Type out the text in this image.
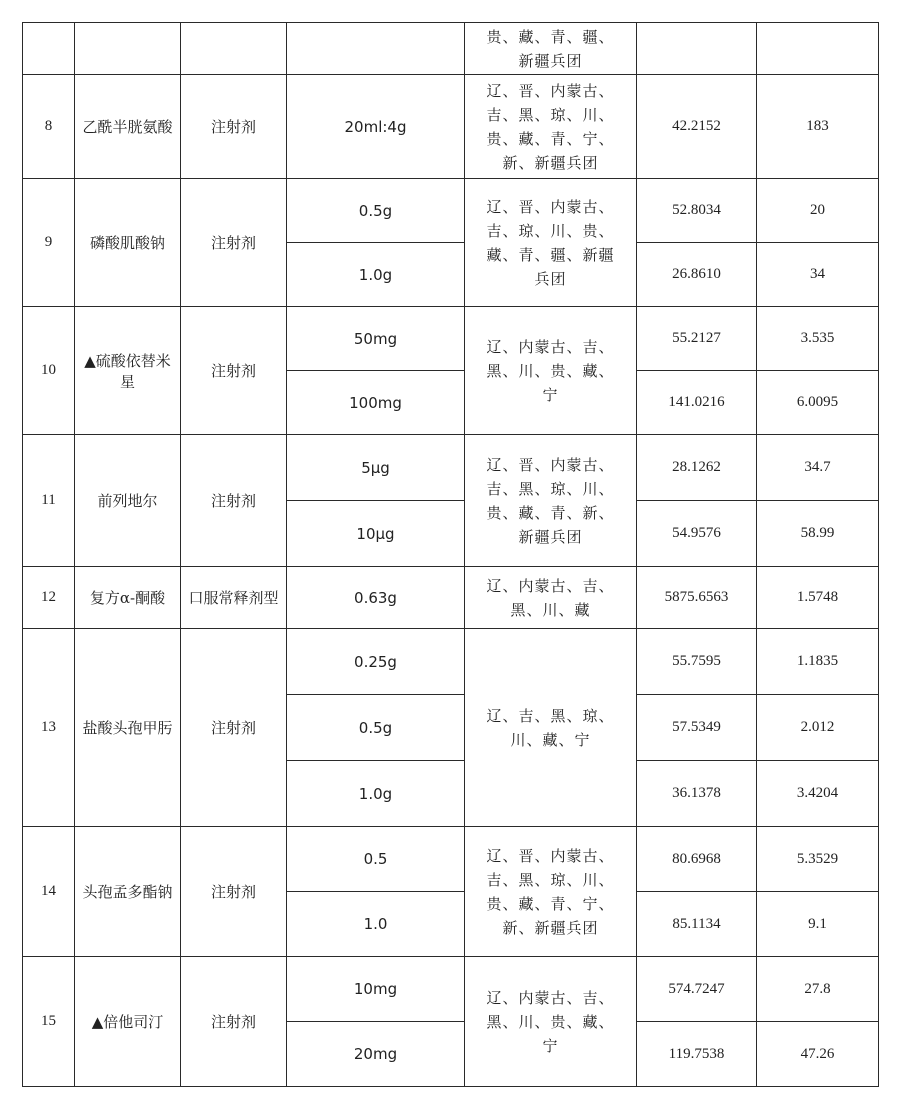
				贵、藏、青、疆、
新疆兵团		

8	乙酰半胱氨酸	注射剂	20ml:4g	辽、晋、内蒙古、
吉、黑、琼、川、
贵、藏、青、宁、
新、新疆兵团	42.2152	183
9	磷酸肌酸钠	注射剂	0.5g	辽、晋、内蒙古、
吉、琼、川、贵、
藏、青、疆、新疆
兵团	52.8034	20
			1.0g		26.8610	34
10	▲硫酸依替米星	注射剂	50mg	辽、内蒙古、吉、
黑、川、贵、藏、
宁	55.2127	3.535
			100mg		141.0216	6.0095
11	前列地尔	注射剂	5μg	辽、晋、内蒙古、
吉、黑、琼、川、
贵、藏、青、新、
新疆兵团	28.1262	34.7
			10μg		54.9576	58.99
12	复方α-酮酸	口服常释剂型	0.63g	辽、内蒙古、吉、
黑、川、藏	5875.6563	1.5748
13	盐酸头孢甲肟	注射剂	0.25g	辽、吉、黑、琼、
川、藏、宁	55.7595	1.1835
			0.5g		57.5349	2.012
			1.0g		36.1378	3.4204
14	头孢孟多酯钠	注射剂	0.5	辽、晋、内蒙古、
吉、黑、琼、川、
贵、藏、青、宁、
新、新疆兵团	80.6968	5.3529
			1.0		85.1134	9.1
15	▲倍他司汀	注射剂	10mg	辽、内蒙古、吉、
黑、川、贵、藏、
宁	574.7247	27.8
			20mg		119.7538	47.26
